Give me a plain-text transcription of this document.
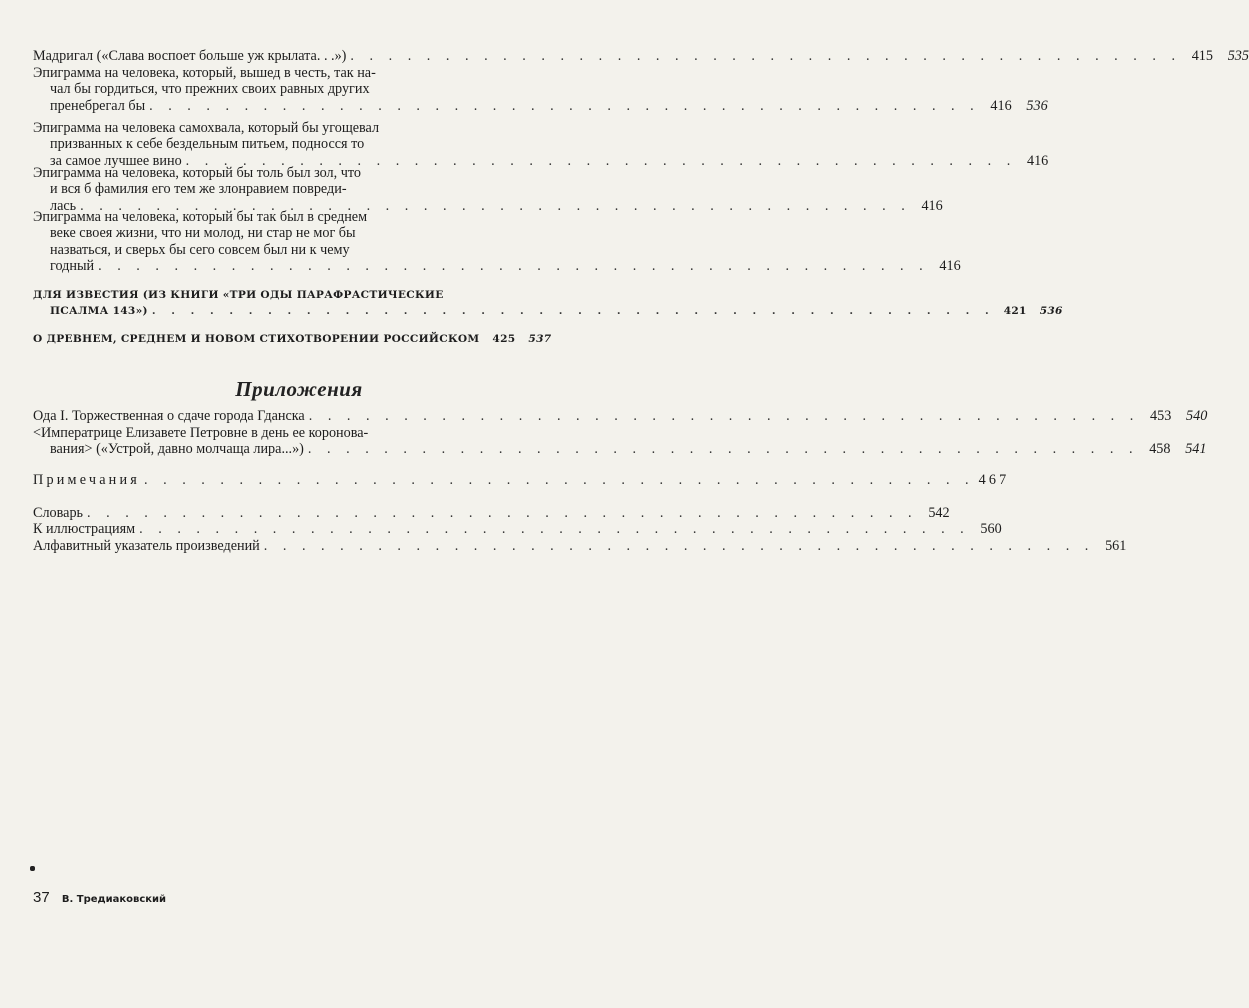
Мадригал («Слава воспоет больше уж крылата. . .») . . . . . . . . . . . . . . . . . . . . . . . . . . . . . . . . . . . . . . . . . . . . 415	535
Эпиграмма на человека, который, вышед в честь, так на-
чал бы гордиться, что прежних своих равных других
пренебрегал бы . . . . . . . . . . . . . . . . . . . . . . . . . . . . . . . . . . . . . . . . . . . . 416	536
Эпиграмма на человека самохвала, который бы угощевал
призванных к себе бездельным питьем, подносся то
за самое лучшее вино . . . . . . . . . . . . . . . . . . . . . . . . . . . . . . . . . . . . . . . . . . . . 416
Эпиграмма на человека, который бы толь был зол, что
и вся б фамилия его тем же злонравием повреди-
лась . . . . . . . . . . . . . . . . . . . . . . . . . . . . . . . . . . . . . . . . . . . . 416
Эпиграмма на человека, который бы так был в среднем
веке своея жизни, что ни молод, ни стар не мог бы
назваться, и сверьх бы сего совсем был ни к чему
годный . . . . . . . . . . . . . . . . . . . . . . . . . . . . . . . . . . . . . . . . . . . . 416
ДЛЯ ИЗВЕСТИЯ (ИЗ КНИГИ «ТРИ ОДЫ ПАРАФРАСТИЧЕСКИЕ
ПСАЛМА 143») . . . . . . . . . . . . . . . . . . . . . . . . . . . . . . . . . . . . . . . . . . . . 421	536
О ДРЕВНЕМ, СРЕДНЕМ И НОВОМ СТИХОТВОРЕНИИ РОССИЙСКОМ	425	537
Приложения
Ода I. Торжественная о сдаче города Гданска . . . . . . . . . . . . . . . . . . . . . . . . . . . . . . . . . . . . . . . . . . . . 453	540
<Императрице Елизавете Петровне в день ее коронова-
вания> («Устрой, давно молчаща лира...») . . . . . . . . . . . . . . . . . . . . . . . . . . . . . . . . . . . . . . . . . . . . 458	541
Примечания . . . . . . . . . . . . . . . . . . . . . . . . . . . . . . . . . . . . . . . . . . . . 467
Словарь . . . . . . . . . . . . . . . . . . . . . . . . . . . . . . . . . . . . . . . . . . . . 542
К иллюстрациям . . . . . . . . . . . . . . . . . . . . . . . . . . . . . . . . . . . . . . . . . . . . 560
Алфавитный указатель произведений . . . . . . . . . . . . . . . . . . . . . . . . . . . . . . . . . . . . . . . . . . . . 561
37 В. Тредиаковский
